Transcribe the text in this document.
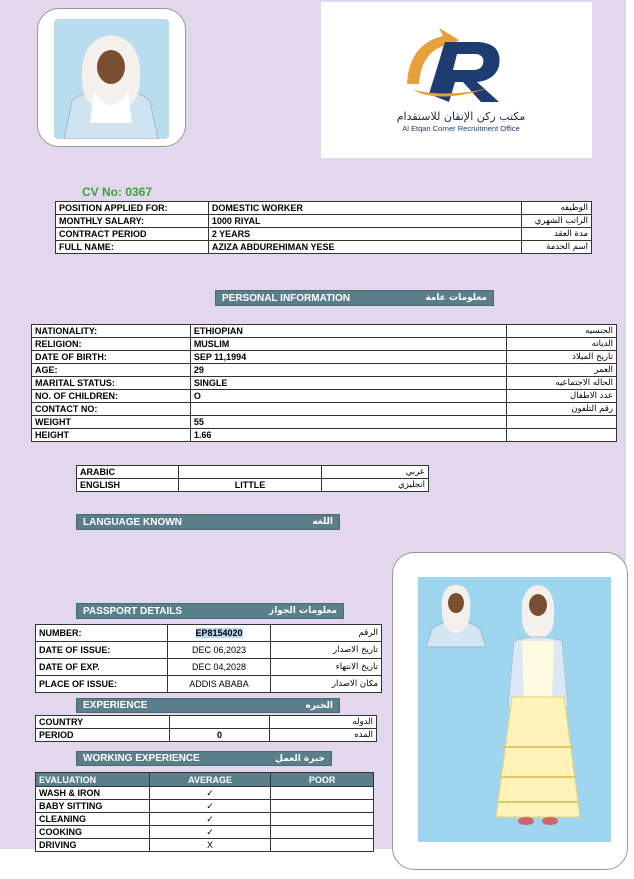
مكتب ركن الإتقان للاستقدام
Al Etqan Corner Recruitment Office
CV No: 0367
POSITION APPLIED FOR:	DOMESTIC WORKER	الوظيفه
MONTHLY SALARY:	1000 RIYAL	الراتب الشهري
CONTRACT PERIOD	2 YEARS	مدة العقد
FULL NAME:	AZIZA ABDUREHIMAN YESE	اسم الخدمة
PERSONAL INFORMATION	معلومات عامة
NATIONALITY:	ETHIOPIAN	الجنسيه
RELIGION:	MUSLIM	الديانه
DATE OF BIRTH:	SEP 11,1994	تاريخ الميلاد
AGE:	29	العمر
MARITAL STATUS:	SINGLE	الحاله الاجتماعيه
NO. OF CHILDREN:	O	عدد الاطفال
CONTACT NO:		رقم التلفون
WEIGHT	55	
HEIGHT	1.66	
ARABIC		عربي
ENGLISH	LITTLE	انجليزي
LANGUAGE KNOWN	اللغه
PASSPORT DETAILS	معلومات الجواز
NUMBER:	EP8154020	الرقم
DATE OF ISSUE:	DEC 06,2023	تاريخ الاصدار
DATE OF EXP.	DEC 04,2028	تاريخ الانتهاء
PLACE OF ISSUE:	ADDIS ABABA	مكان الاصدار
EXPERIENCE	الخبره
COUNTRY		الدوله
PERIOD	0	المده
WORKING EXPERIENCE	خبرة العمل
EVALUATION	AVERAGE	POOR
WASH & IRON	✓	
BABY SITTING	✓	
CLEANING	✓	
COOKING	✓	
DRIVING	X	
